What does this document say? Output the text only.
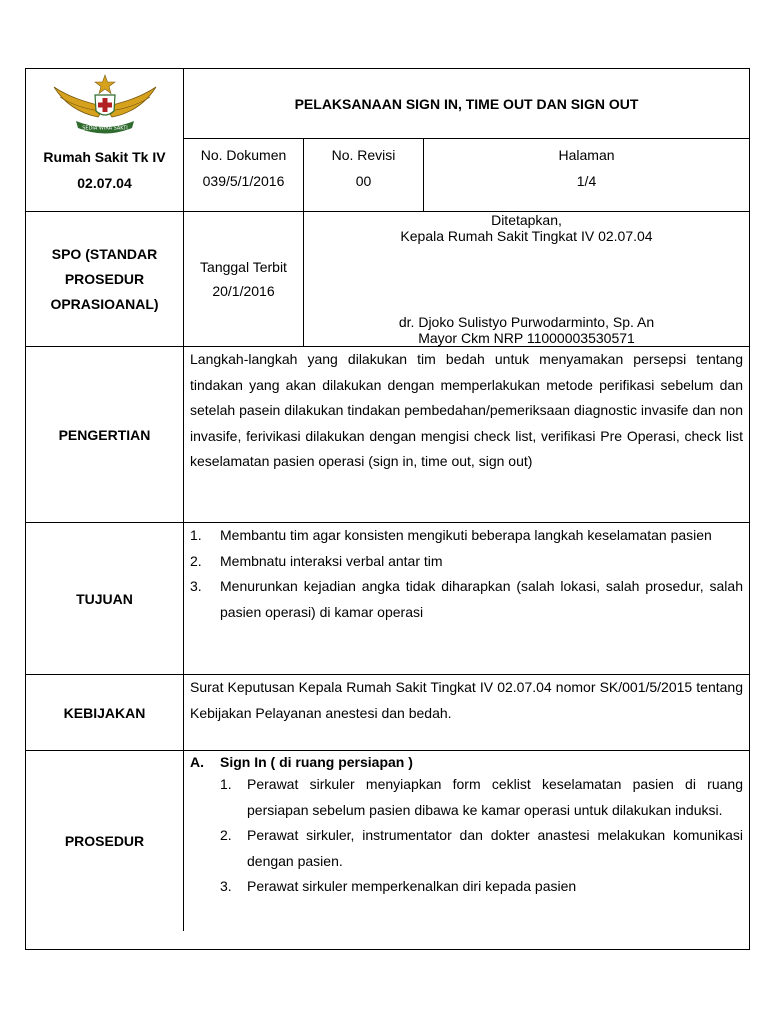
SEDIA WIRA SAKTI
Rumah Sakit Tk IV
02.07.04
PELAKSANAAN SIGN IN, TIME OUT DAN SIGN OUT
No. Dokumen
039/5/1/2016
No. Revisi
00
Halaman
1/4
SPO (STANDAR
PROSEDUR
OPRASIOANAL)
Tanggal Terbit
20/1/2016
Ditetapkan,
Kepala Rumah Sakit Tingkat IV 02.07.04
dr. Djoko Sulistyo Purwodarminto, Sp. An
Mayor Ckm NRP 11000003530571
PENGERTIAN
Langkah-langkah yang dilakukan tim bedah untuk menyamakan persepsi tentang tindakan yang akan dilakukan dengan memperlakukan metode perifikasi sebelum dan setelah pasein dilakukan tindakan pembedahan/pemeriksaan diagnostic invasife dan non invasife, ferivikasi dilakukan dengan mengisi check list, verifikasi Pre Operasi, check list keselamatan pasien operasi (sign in, time out, sign out)
TUJUAN
1. Membantu tim agar konsisten mengikuti beberapa langkah keselamatan pasien
2. Membnatu interaksi verbal antar tim
3. Menurunkan kejadian angka tidak diharapkan (salah lokasi, salah prosedur, salah pasien operasi) di kamar operasi
KEBIJAKAN
Surat Keputusan Kepala Rumah Sakit Tingkat IV 02.07.04 nomor SK/001/5/2015 tentang Kebijakan Pelayanan anestesi dan bedah.
PROSEDUR
A. Sign In ( di ruang persiapan )
1. Perawat sirkuler menyiapkan form ceklist keselamatan pasien di ruang persiapan sebelum pasien dibawa ke kamar operasi untuk dilakukan induksi.
2. Perawat sirkuler, instrumentator dan dokter anastesi melakukan komunikasi dengan pasien.
3. Perawat sirkuler memperkenalkan diri kepada pasien
